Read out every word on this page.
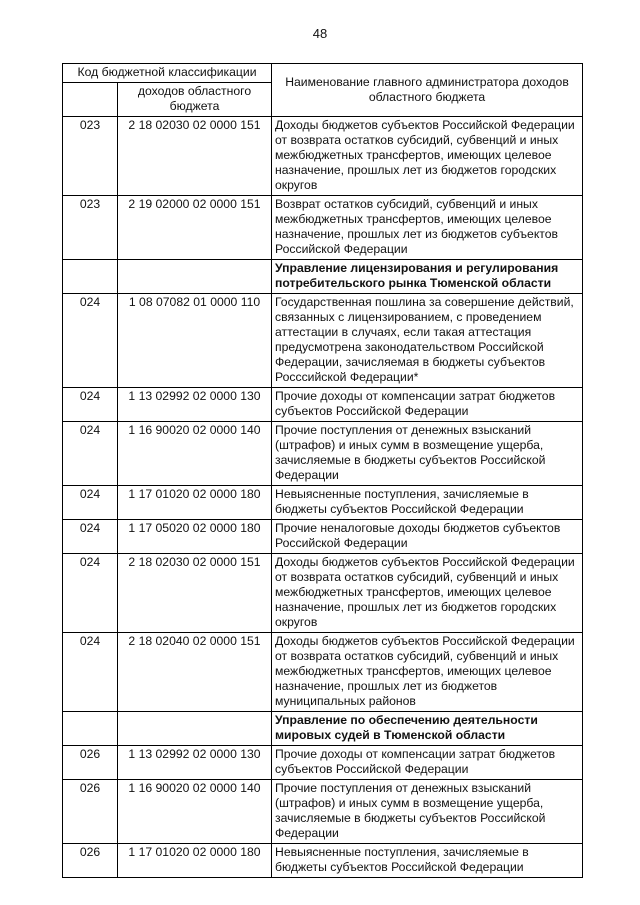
48
Код бюджетной классификации		Наименование главного администратора доходов областного бюджета
	доходов областного бюджета	
023	2 18 02030 02 0000 151	Доходы бюджетов субъектов Российской Федерации от возврата остатков субсидий, субвенций и иных межбюджетных трансфертов, имеющих целевое назначение, прошлых лет из бюджетов городских округов
023	2 19 02000 02 0000 151	Возврат остатков субсидий, субвенций и иных межбюджетных трансфертов, имеющих целевое назначение, прошлых лет из бюджетов субъектов Российской Федерации
		Управление лицензирования и регулирования потребительского рынка Тюменской области
024	1 08 07082 01 0000 110	Государственная пошлина за совершение действий, связанных с лицензированием, с проведением аттестации в случаях, если такая аттестация предусмотрена законодательством Российской Федерации, зачисляемая в бюджеты субъектов Росссийской Федерации*
024	1 13 02992 02 0000 130	Прочие доходы от компенсации затрат бюджетов субъектов Российской Федерации
024	1 16 90020 02 0000 140	Прочие поступления от денежных взысканий (штрафов) и иных сумм в возмещение ущерба, зачисляемые в бюджеты субъектов Российской Федерации
024	1 17 01020 02 0000 180	Невыясненные поступления, зачисляемые в бюджеты субъектов Российской Федерации
024	1 17 05020 02 0000 180	Прочие неналоговые доходы бюджетов субъектов Российской Федерации
024	2 18 02030 02 0000 151	Доходы бюджетов субъектов Российской Федерации от возврата остатков субсидий, субвенций и иных межбюджетных трансфертов, имеющих целевое назначение, прошлых лет из бюджетов городских округов
024	2 18 02040 02 0000 151	Доходы бюджетов субъектов Российской Федерации от возврата остатков субсидий, субвенций и иных межбюджетных трансфертов, имеющих целевое назначение, прошлых лет из бюджетов муниципальных районов
		Управление по обеспечению деятельности мировых судей в Тюменской области
026	1 13 02992 02 0000 130	Прочие доходы от компенсации затрат бюджетов субъектов Российской Федерации
026	1 16 90020 02 0000 140	Прочие поступления от денежных взысканий (штрафов) и иных сумм в возмещение ущерба, зачисляемые в бюджеты субъектов Российской Федерации
026	1 17 01020 02 0000 180	Невыясненные поступления, зачисляемые в бюджеты субъектов Российской Федерации
